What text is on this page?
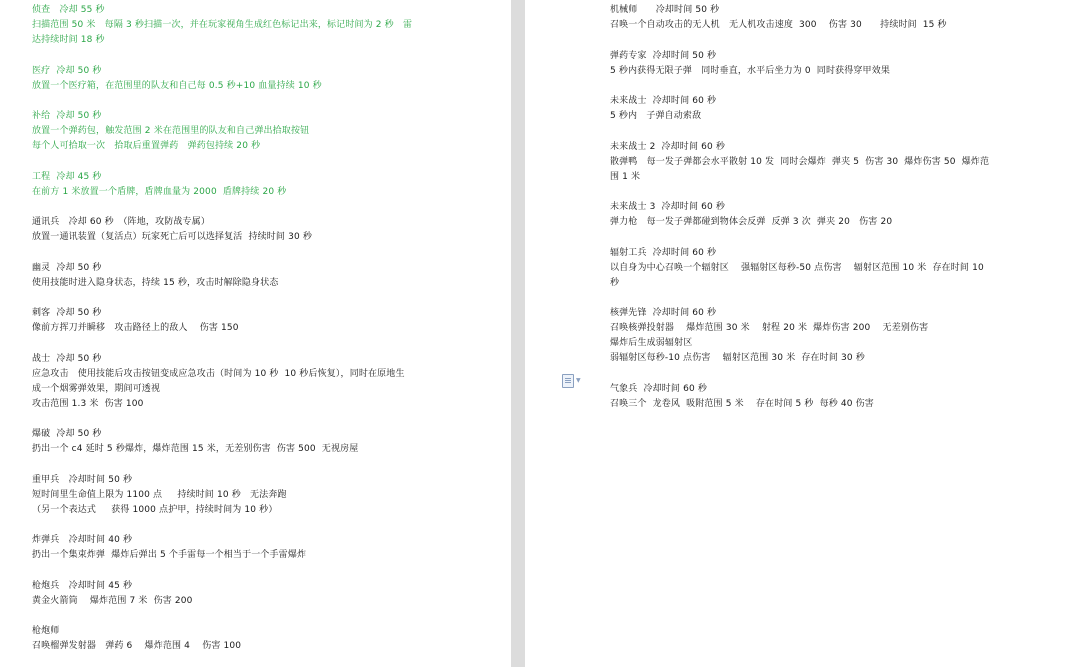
侦查　冷却 55 秒
扫描范围 50 米　每隔 3 秒扫描一次，并在玩家视角生成红色标记出来，标记时间为 2 秒　雷
达持续时间 18 秒
医疗  冷却 50 秒
放置一个医疗箱，在范围里的队友和自己每 0.5 秒+10 血量持续 10 秒
补给  冷却 50 秒
放置一个弹药包，触发范围 2 米在范围里的队友和自己弹出拾取按钮
每个人可拾取一次　拾取后重置弹药　弹药包持续 20 秒
工程  冷却 45 秒
在前方 1 米放置一个盾牌，盾牌血量为 2000  盾牌持续 20 秒
通讯兵　冷却 60 秒　（阵地，攻防战专属）
放置一通讯装置（复活点）玩家死亡后可以选择复活  持续时间 30 秒
幽灵  冷却 50 秒
使用技能时进入隐身状态，持续 15 秒，攻击时解除隐身状态
刺客  冷却 50 秒
像前方挥刀并瞬移　攻击路径上的敌人　 伤害 150
战士  冷却 50 秒
应急攻击　使用技能后攻击按钮变成应急攻击（时间为 10 秒  10 秒后恢复），同时在原地生
成一个烟雾弹效果，期间可透视
攻击范围 1.3 米  伤害 100
爆破  冷却 50 秒
扔出一个 c4 延时 5 秒爆炸，爆炸范围 15 米，无差别伤害  伤害 500  无视房屋
重甲兵　冷却时间 50 秒
短时间里生命值上限为 1100 点　  持续时间 10 秒　无法奔跑
（另一个表达式　  获得 1000 点护甲，持续时间为 10 秒）
炸弹兵　冷却时间 40 秒
扔出一个集束炸弹  爆炸后弹出 5 个手雷每一个相当于一个手雷爆炸
枪炮兵　冷却时间 45 秒
黄金火箭筒　 爆炸范围 7 米  伤害 200
枪炮师
召唤榴弹发射器　弹药 6　 爆炸范围 4　 伤害 100
机械师　　冷却时间 50 秒
召唤一个自动攻击的无人机　无人机攻击速度  300　 伤害 30　　持续时间  15 秒
弹药专家  冷却时间 50 秒
5 秒内获得无限子弹　同时垂直，水平后坐力为 0  同时获得穿甲效果
未来战士  冷却时间 60 秒
5 秒内　子弹自动索敌
未来战士 2  冷却时间 60 秒
散弹鸭　每一发子弹都会水平散射 10 发  同时会爆炸  弹夹 5  伤害 30  爆炸伤害 50  爆炸范
围 1 米
未来战士 3  冷却时间 60 秒
弹力枪　每一发子弹都碰到物体会反弹  反弹 3 次  弹夹 20　伤害 20
辐射工兵  冷却时间 60 秒
以自身为中心召唤一个辐射区　 强辐射区每秒-50 点伤害　 辐射区范围 10 米  存在时间 10
秒
核弹先锋  冷却时间 60 秒
召唤核弹投射器　 爆炸范围 30 米　 射程 20 米  爆炸伤害 200　 无差别伤害
爆炸后生成弱辐射区
弱辐射区每秒-10 点伤害　 辐射区范围 30 米  存在时间 30 秒
气象兵  冷却时间 60 秒
召唤三个  龙卷风  吸附范围 5 米　 存在时间 5 秒  每秒 40 伤害
▼
